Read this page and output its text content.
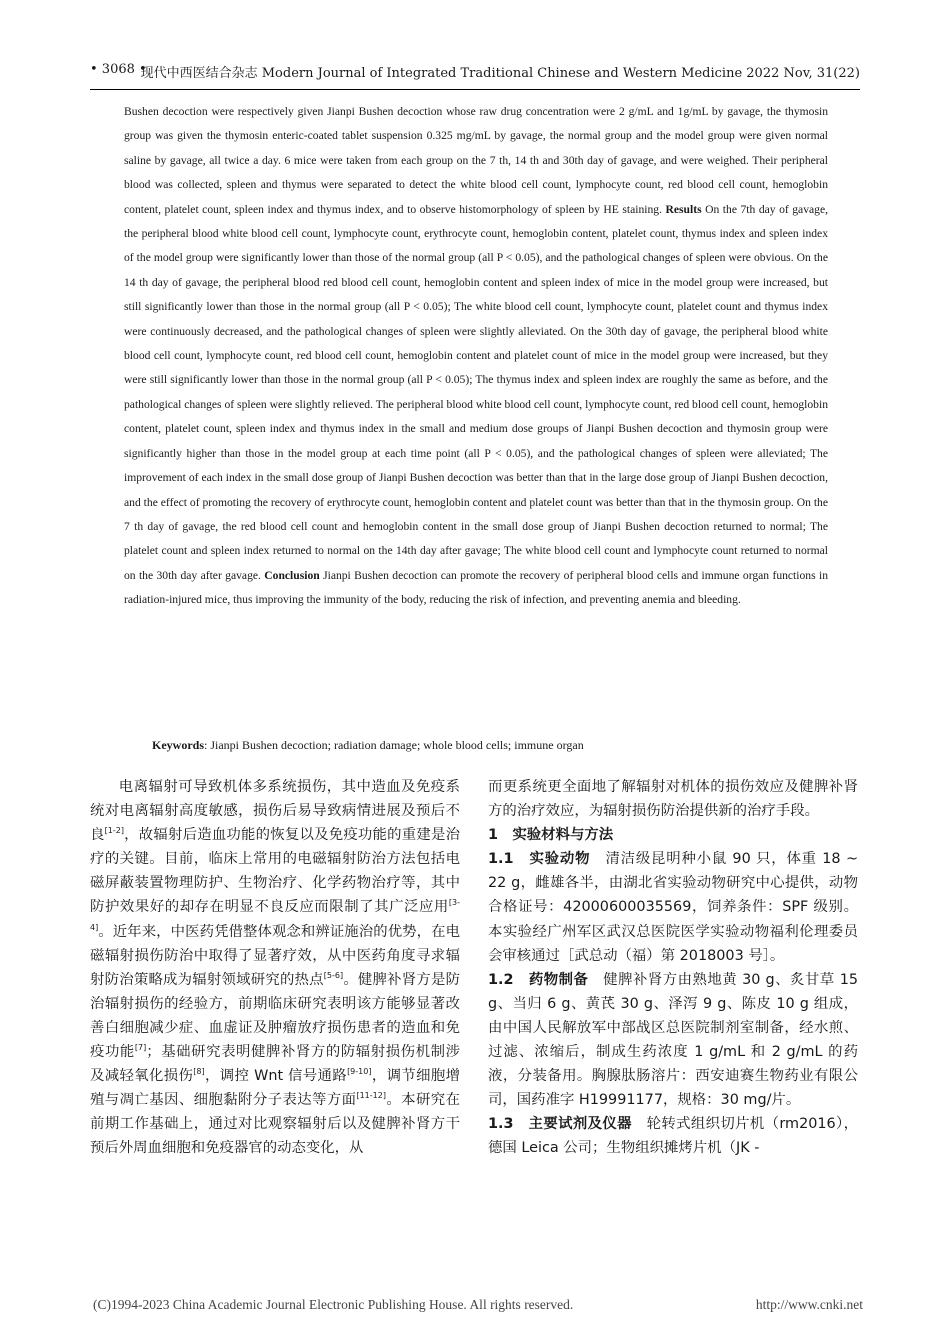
• 3068 •
现代中西医结合杂志 Modern Journal of Integrated Traditional Chinese and Western Medicine 2022 Nov, 31(22)
Bushen decoction were respectively given Jianpi Bushen decoction whose raw drug concentration were 2 g/mL and 1g/mL by gavage, the thymosin group was given the thymosin enteric-coated tablet suspension 0.325 mg/mL by gavage, the normal group and the model group were given normal saline by gavage, all twice a day. 6 mice were taken from each group on the 7 th, 14 th and 30th day of gavage, and were weighed. Their peripheral blood was collected, spleen and thymus were separated to detect the white blood cell count, lymphocyte count, red blood cell count, hemoglobin content, platelet count, spleen index and thymus index, and to observe histomorphology of spleen by HE staining. Results On the 7th day of gavage, the peripheral blood white blood cell count, lymphocyte count, erythrocyte count, hemoglobin content, platelet count, thymus index and spleen index of the model group were significantly lower than those of the normal group (all P < 0.05), and the pathological changes of spleen were obvious. On the 14 th day of gavage, the peripheral blood red blood cell count, hemoglobin content and spleen index of mice in the model group were increased, but still significantly lower than those in the normal group (all P < 0.05); The white blood cell count, lymphocyte count, platelet count and thymus index were continuously decreased, and the pathological changes of spleen were slightly alleviated. On the 30th day of gavage, the peripheral blood white blood cell count, lymphocyte count, red blood cell count, hemoglobin content and platelet count of mice in the model group were increased, but they were still significantly lower than those in the normal group (all P < 0.05); The thymus index and spleen index are roughly the same as before, and the pathological changes of spleen were slightly relieved. The peripheral blood white blood cell count, lymphocyte count, red blood cell count, hemoglobin content, platelet count, spleen index and thymus index in the small and medium dose groups of Jianpi Bushen decoction and thymosin group were significantly higher than those in the model group at each time point (all P < 0.05), and the pathological changes of spleen were alleviated; The improvement of each index in the small dose group of Jianpi Bushen decoction was better than that in the large dose group of Jianpi Bushen decoction, and the effect of promoting the recovery of erythrocyte count, hemoglobin content and platelet count was better than that in the thymosin group. On the 7 th day of gavage, the red blood cell count and hemoglobin content in the small dose group of Jianpi Bushen decoction returned to normal; The platelet count and spleen index returned to normal on the 14th day after gavage; The white blood cell count and lymphocyte count returned to normal on the 30th day after gavage. Conclusion Jianpi Bushen decoction can promote the recovery of peripheral blood cells and immune organ functions in radiation-injured mice, thus improving the immunity of the body, reducing the risk of infection, and preventing anemia and bleeding.
Keywords: Jianpi Bushen decoction; radiation damage; whole blood cells; immune organ

电离辐射可导致机体多系统损伤，其中造血及免疫系统对电离辐射高度敏感，损伤后易导致病情进展及预后不良[1-2]，故辐射后造血功能的恢复以及免疫功能的重建是治疗的关键。目前，临床上常用的电磁辐射防治方法包括电磁屏蔽装置物理防护、生物治疗、化学药物治疗等，其中防护效果好的却存在明显不良反应而限制了其广泛应用[3-4]。近年来，中医药凭借整体观念和辨证施治的优势，在电磁辐射损伤防治中取得了显著疗效，从中医药角度寻求辐射防治策略成为辐射领域研究的热点[5-6]。健脾补肾方是防治辐射损伤的经验方，前期临床研究表明该方能够显著改善白细胞减少症、血虚证及肿瘤放疗损伤患者的造血和免疫功能[7]；基础研究表明健脾补肾方的防辐射损伤机制涉及减轻氧化损伤[8]，调控 Wnt 信号通路[9-10]，调节细胞增殖与凋亡基因、细胞黏附分子表达等方面[11-12]。本研究在前期工作基础上，通过对比观察辐射后以及健脾补肾方干预后外周血细胞和免疫器官的动态变化，从

而更系统更全面地了解辐射对机体的损伤效应及健脾补肾方的治疗效应，为辐射损伤防治提供新的治疗手段。

1　实验材料与方法

1.1　实验动物　清洁级昆明种小鼠 90 只，体重 18 ~ 22 g，雌雄各半，由湖北省实验动物研究中心提供，动物合格证号：42000600035569，饲养条件：SPF 级别。本实验经广州军区武汉总医院医学实验动物福利伦理委员会审核通过［武总动（福）第 2018003 号］。

1.2　药物制备　健脾补肾方由熟地黄 30 g、炙甘草 15 g、当归 6 g、黄芪 30 g、泽泻 9 g、陈皮 10 g 组成，由中国人民解放军中部战区总医院制剂室制备，经水煎、过滤、浓缩后，制成生药浓度 1 g/mL 和 2 g/mL 的药液，分装备用。胸腺肽肠溶片：西安迪赛生物药业有限公司，国药准字 H19991177，规格：30 mg/片。

1.3　主要试剂及仪器　轮转式组织切片机（rm2016），德国 Leica 公司；生物组织摊烤片机（JK -

(C)1994-2023 China Academic Journal Electronic Publishing House. All rights reserved.	http://www.cnki.net
